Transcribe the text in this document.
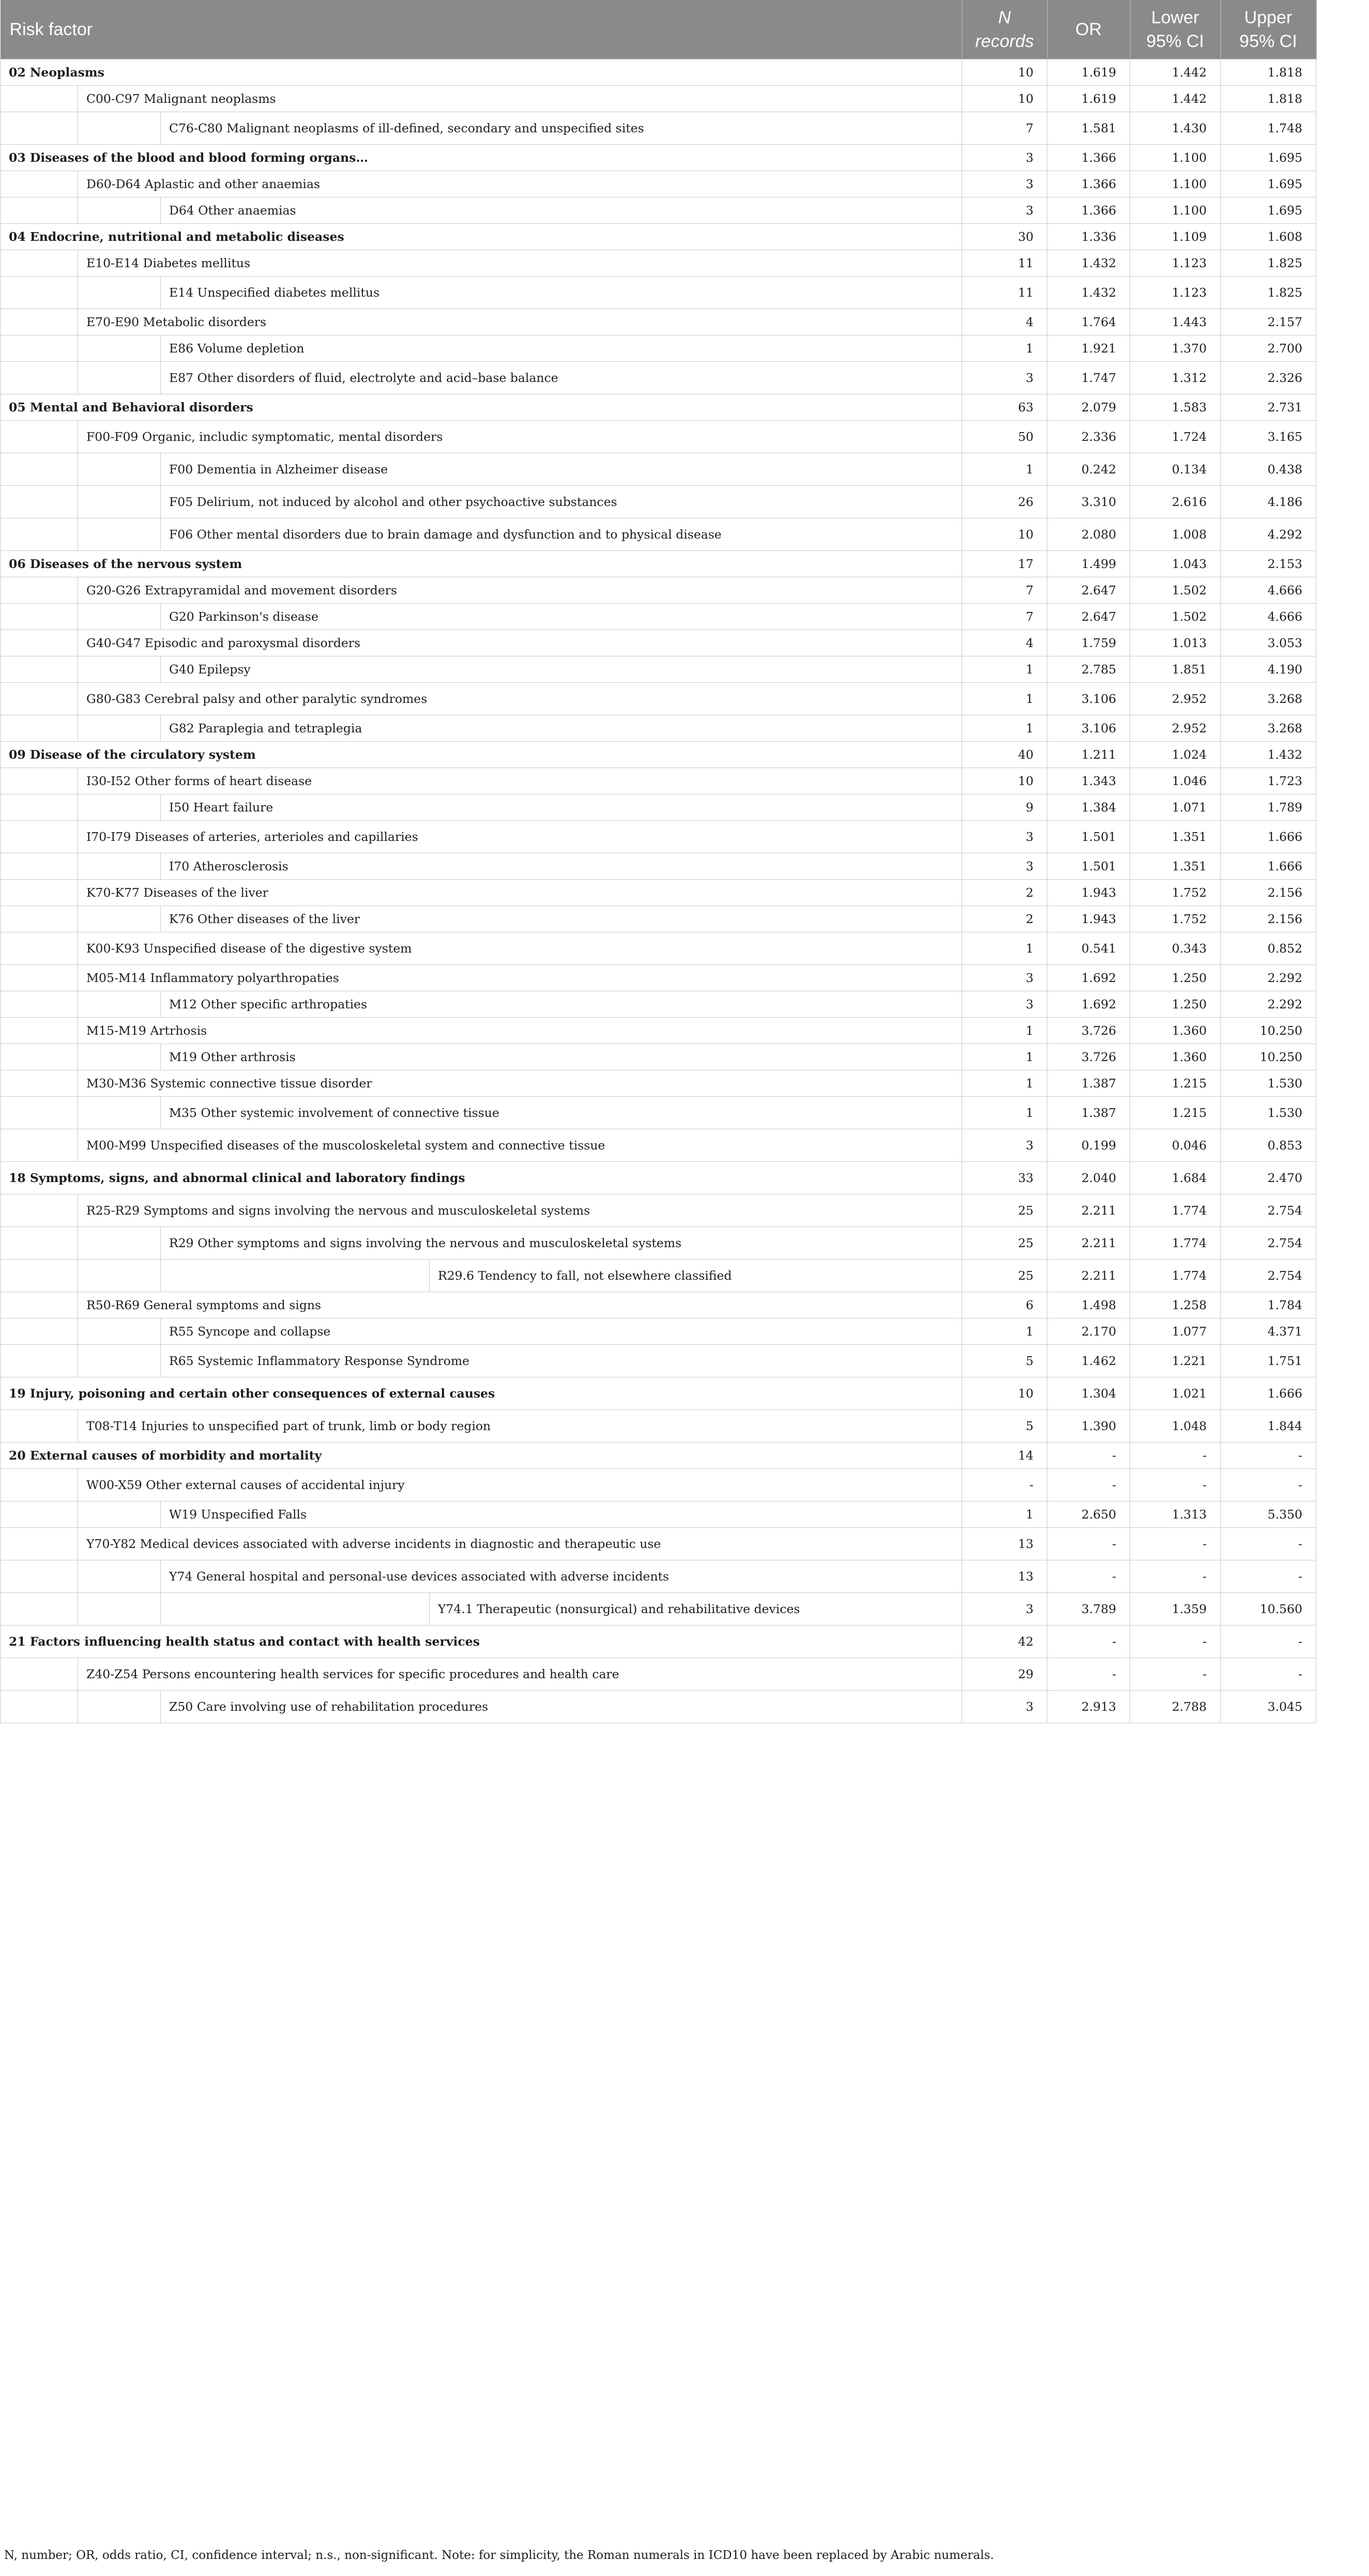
Risk factor				N records	OR	Lower 95% CI	Upper 95% CI	p-value
02 Neoplasms				10	1.619	1.442	1.818	
	C00-C97 Malignant neoplasms			10	1.619	1.442	1.818	
		C76-C80 Malignant neoplasms of ill-defined, secondary and unspecified sites		7	1.581	1.430	1.748	
03 Diseases of the blood and blood forming organs…				3	1.366	1.100	1.695	
	D60-D64 Aplastic and other anaemias			3	1.366	1.100	1.695	
		D64 Other anaemias		3	1.366	1.100	1.695	
04 Endocrine, nutritional and metabolic diseases				30	1.336	1.109	1.608	
	E10-E14 Diabetes mellitus			11	1.432	1.123	1.825	
		E14 Unspecified diabetes mellitus		11	1.432	1.123	1.825	
	E70-E90 Metabolic disorders			4	1.764	1.443	2.157	
		E86 Volume depletion		1	1.921	1.370	2.700	
		E87 Other disorders of fluid, electrolyte and acid–base balance		3	1.747	1.312	2.326	
05 Mental and Behavioral disorders				63	2.079	1.583	2.731	
	F00-F09 Organic, includic symptomatic, mental disorders			50	2.336	1.724	3.165	
		F00 Dementia in Alzheimer disease		1	0.242	0.134	0.438	
		F05 Delirium, not induced by alcohol and other psychoactive substances		26	3.310	2.616	4.186	
		F06 Other mental disorders due to brain damage and dysfunction and to physical disease		10	2.080	1.008	4.292	
06 Diseases of the nervous system				17	1.499	1.043	2.153	
	G20-G26 Extrapyramidal and movement disorders			7	2.647	1.502	4.666	
		G20 Parkinson's disease		7	2.647	1.502	4.666	
	G40-G47 Episodic and paroxysmal disorders			4	1.759	1.013	3.053	
		G40 Epilepsy		1	2.785	1.851	4.190	
	G80-G83 Cerebral palsy and other paralytic syndromes			1	3.106	2.952	3.268	
		G82 Paraplegia and tetraplegia		1	3.106	2.952	3.268	
09 Disease of the circulatory system				40	1.211	1.024	1.432	
	I30-I52 Other forms of heart disease			10	1.343	1.046	1.723	
		I50 Heart failure		9	1.384	1.071	1.789	
	I70-I79 Diseases of arteries, arterioles and capillaries			3	1.501	1.351	1.666	
		I70 Atherosclerosis		3	1.501	1.351	1.666	
	K70-K77 Diseases of the liver			2	1.943	1.752	2.156	
		K76 Other diseases of the liver		2	1.943	1.752	2.156	
	K00-K93 Unspecified disease of the digestive system			1	0.541	0.343	0.852	
	M05-M14 Inflammatory polyarthropaties			3	1.692	1.250	2.292	
		M12 Other specific arthropaties		3	1.692	1.250	2.292	
	M15-M19 Artrhosis			1	3.726	1.360	10.250	
		M19 Other arthrosis		1	3.726	1.360	10.250	
	M30-M36 Systemic connective tissue disorder			1	1.387	1.215	1.530	
		M35 Other systemic involvement of connective tissue		1	1.387	1.215	1.530	
	M00-M99 Unspecified diseases of the muscoloskeletal system and connective tissue			3	0.199	0.046	0.853	
18 Symptoms, signs, and abnormal clinical and laboratory findings				33	2.040	1.684	2.470	
	R25-R29 Symptoms and signs involving the nervous and musculoskeletal systems			25	2.211	1.774	2.754	
		R29 Other symptoms and signs involving the nervous and musculoskeletal systems		25	2.211	1.774	2.754	
			R29.6 Tendency to fall, not elsewhere classified	25	2.211	1.774	2.754	
	R50-R69 General symptoms and signs			6	1.498	1.258	1.784	
		R55 Syncope and collapse		1	2.170	1.077	4.371	
		R65 Systemic Inflammatory Response Syndrome		5	1.462	1.221	1.751	
19 Injury, poisoning and certain other consequences of external causes				10	1.304	1.021	1.666	
	T08-T14 Injuries to unspecified part of trunk, limb or body region			5	1.390	1.048	1.844	
20 External causes of morbidity and mortality				14	-	-	-	
	W00-X59 Other external causes of accidental injury			-	-	-	-	
		W19 Unspecified Falls		1	2.650	1.313	5.350	
	Y70-Y82 Medical devices associated with adverse incidents in diagnostic and therapeutic use			13	-	-	-	
		Y74 General hospital and personal-use devices associated with adverse incidents		13	-	-	-	
			Y74.1 Therapeutic (nonsurgical) and rehabilitative devices	3	3.789	1.359	10.560	
21 Factors influencing health status and contact with health services				42	-	-	-	
	Z40-Z54 Persons encountering health services for specific procedures and health care			29	-	-	-	
		Z50 Care involving use of rehabilitation procedures		3	2.913	2.788	3.045	
N, number; OR, odds ratio, CI, confidence interval; n.s., non-significant. Note: for simplicity, the Roman numerals in ICD10 have been replaced by Arabic numerals.
